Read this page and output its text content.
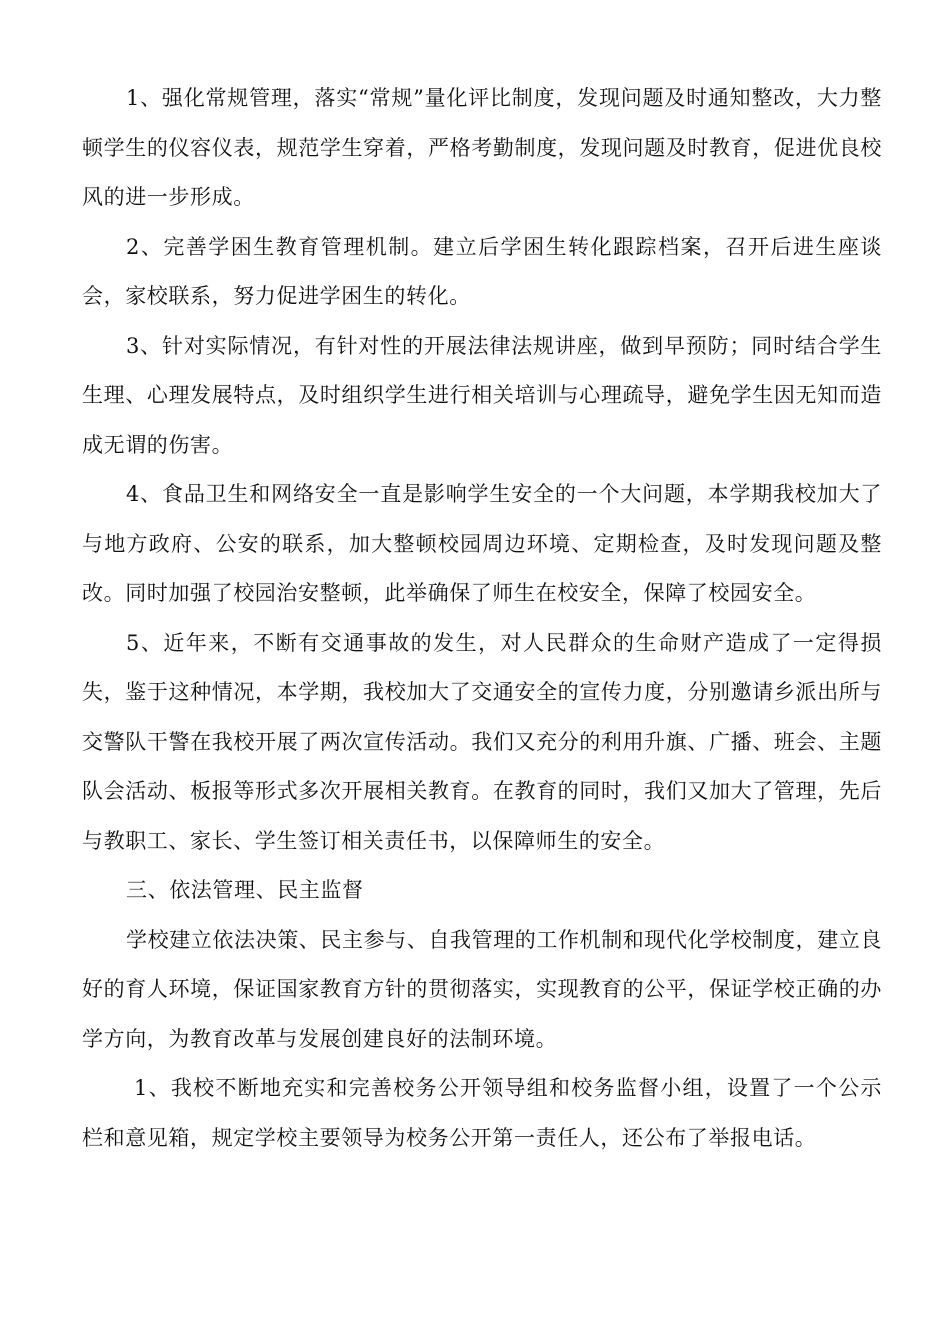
1、强化常规管理，落实“常规”量化评比制度，发现问题及时通知整改，大力整顿学生的仪容仪表，规范学生穿着，严格考勤制度，发现问题及时教育，促进优良校风的进一步形成。

2、完善学困生教育管理机制。建立后学困生转化跟踪档案，召开后进生座谈会，家校联系，努力促进学困生的转化。

3、针对实际情况，有针对性的开展法律法规讲座，做到早预防；同时结合学生生理、心理发展特点，及时组织学生进行相关培训与心理疏导，避免学生因无知而造成无谓的伤害。

4、食品卫生和网络安全一直是影响学生安全的一个大问题，本学期我校加大了与地方政府、公安的联系，加大整顿校园周边环境、定期检查，及时发现问题及整改。同时加强了校园治安整顿，此举确保了师生在校安全，保障了校园安全。

5、近年来，不断有交通事故的发生，对人民群众的生命财产造成了一定得损失，鉴于这种情况，本学期，我校加大了交通安全的宣传力度，分别邀请乡派出所与交警队干警在我校开展了两次宣传活动。我们又充分的利用升旗、广播、班会、主题队会活动、板报等形式多次开展相关教育。在教育的同时，我们又加大了管理，先后与教职工、家长、学生签订相关责任书，以保障师生的安全。

三、依法管理、民主监督

学校建立依法决策、民主参与、自我管理的工作机制和现代化学校制度，建立良好的育人环境，保证国家教育方针的贯彻落实，实现教育的公平，保证学校正确的办学方向，为教育改革与发展创建良好的法制环境。

1、我校不断地充实和完善校务公开领导组和校务监督小组，设置了一个公示栏和意见箱，规定学校主要领导为校务公开第一责任人，还公布了举报电话。
